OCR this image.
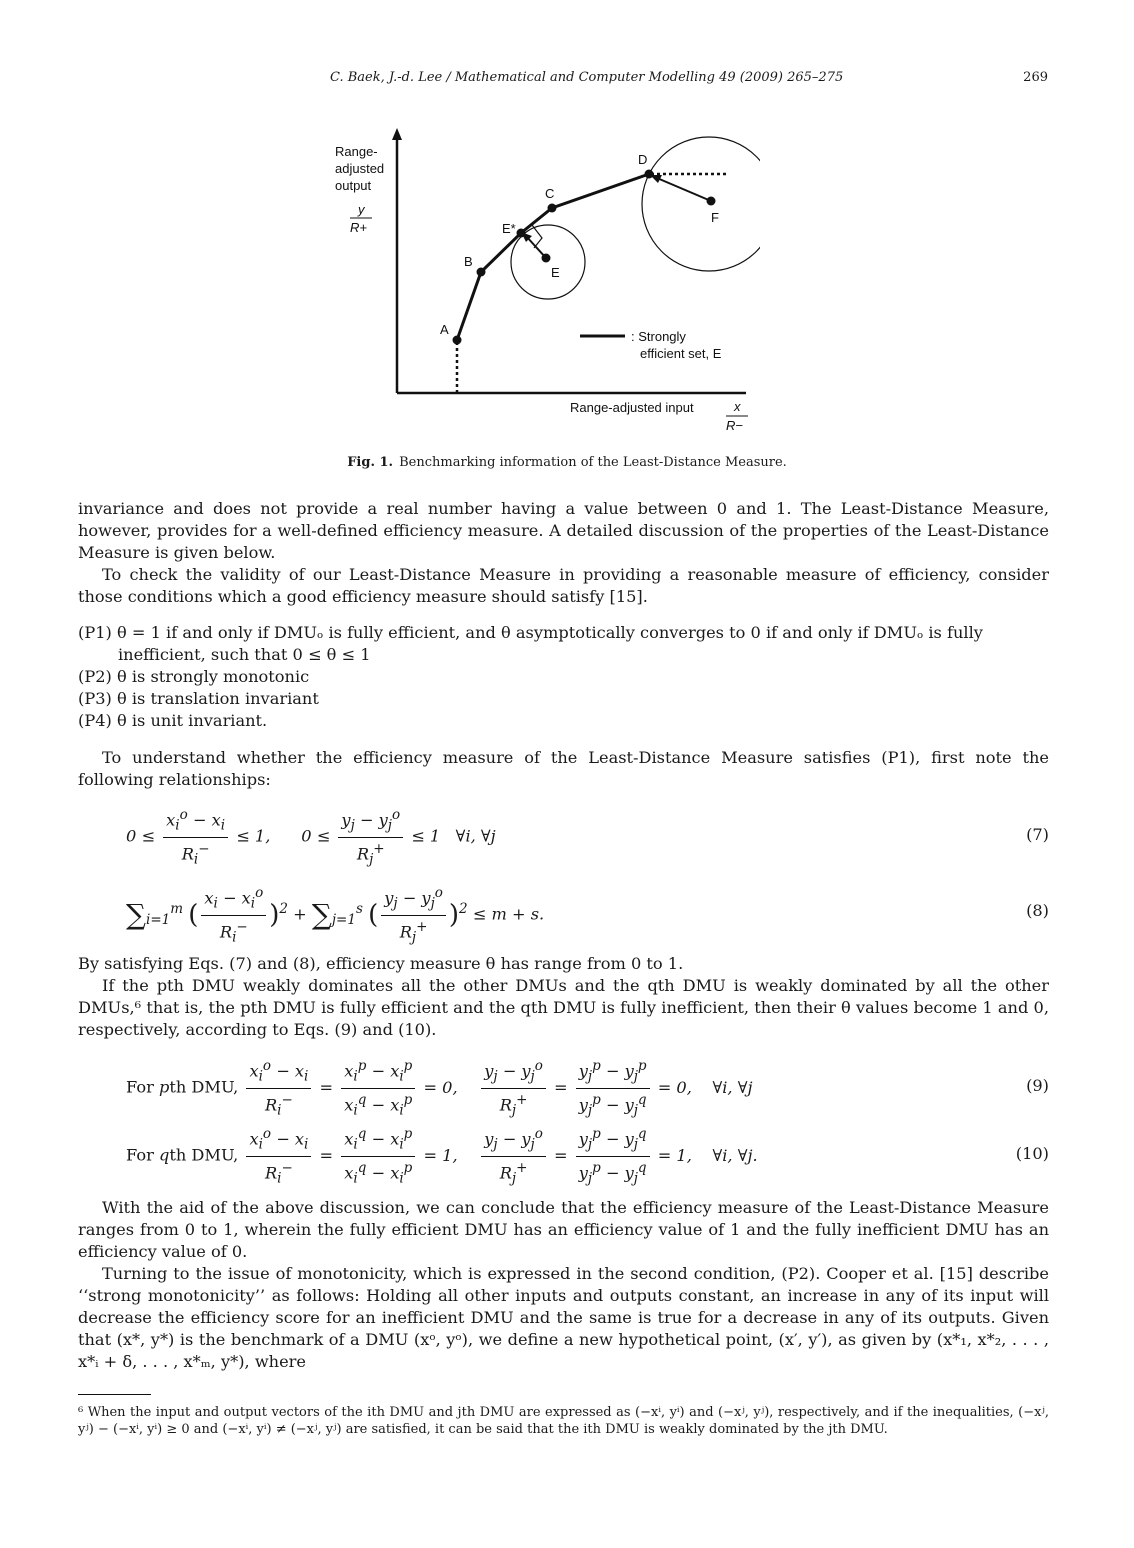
C. Baek, J.-d. Lee / Mathematical and Computer Modelling 49 (2009) 265–275	269
Range-
adjusted
output
y
R+
A
B
E*
C
D
E
F
: Strongly
efficient set, E
Range-adjusted input	x
R−
Fig. 1. Benchmarking information of the Least-Distance Measure.

invariance and does not provide a real number having a value between 0 and 1. The Least-Distance Measure, however, provides for a well-defined efficiency measure. A detailed discussion of the properties of the Least-Distance Measure is given below.

To check the validity of our Least-Distance Measure in providing a reasonable measure of efficiency, consider those conditions which a good efficiency measure should satisfy [15].

(P1) θ = 1 if and only if DMUₒ is fully efficient, and θ asymptotically converges to 0 if and only if DMUₒ is fully inefficient, such that 0 ≤ θ ≤ 1
(P2) θ is strongly monotonic
(P3) θ is translation invariant
(P4) θ is unit invariant.

To understand whether the efficiency measure of the Least-Distance Measure satisfies (P1), first note the following relationships:

$0 \le \frac{x_i^o - x_i}{R_i^-} \le 1$,      $0 \le \frac{y_j - y_j^o}{R_j^+} \le 1$   ∀i, ∀j	(7)
$\sum_{i=1}^m$ ( $\frac{x_i - x_i^o}{R_i^-} )^2 + \sum_{j=1}^s$ ( $\frac{y_j - y_j^o}{R_j^+} )^2 \le m + s$.	(8)

By satisfying Eqs. (7) and (8), efficiency measure θ has range from 0 to 1.

If the pth DMU weakly dominates all the other DMUs and the qth DMU is weakly dominated by all the other DMUs,⁶ that is, the pth DMU is fully efficient and the qth DMU is fully inefficient, then their θ values become 1 and 0, respectively, according to Eqs. (9) and (10).

For pth DMU, $\frac{x_i^o - x_i}{R_i^-} = \frac{x_i^p - x_i^p}{x_i^q - x_i^p} = 0$, $\frac{y_j - y_j^o}{R_j^+} = \frac{y_j^p - y_j^p}{y_j^p - y_j^q} = 0$,    ∀i, ∀j	(9)
For qth DMU, $\frac{x_i^o - x_i}{R_i^-} = \frac{x_i^q - x_i^p}{x_i^q - x_i^p} = 1$, $\frac{y_j - y_j^o}{R_j^+} = \frac{y_j^p - y_j^q}{y_j^p - y_j^q} = 1$,    ∀i, ∀j.	(10)

With the aid of the above discussion, we can conclude that the efficiency measure of the Least-Distance Measure ranges from 0 to 1, wherein the fully efficient DMU has an efficiency value of 1 and the fully inefficient DMU has an efficiency value of 0.

Turning to the issue of monotonicity, which is expressed in the second condition, (P2). Cooper et al. [15] describe ‘‘strong monotonicity’’ as follows: Holding all other inputs and outputs constant, an increase in any of its input will decrease the efficiency score for an inefficient DMU and the same is true for a decrease in any of its outputs. Given that (x*, y*) is the benchmark of a DMU (xᵒ, yᵒ), we define a new hypothetical point, (x′, y′), as given by (x*₁, x*₂, . . . , x*ᵢ + δ, . . . , x*ₘ, y*), where

⁶ When the input and output vectors of the ith DMU and jth DMU are expressed as (−xⁱ, yⁱ) and (−xʲ, yʲ), respectively, and if the inequalities, (−xʲ, yʲ) − (−xⁱ, yⁱ) ≥ 0 and (−xⁱ, yⁱ) ≠ (−xʲ, yʲ) are satisfied, it can be said that the ith DMU is weakly dominated by the jth DMU.
